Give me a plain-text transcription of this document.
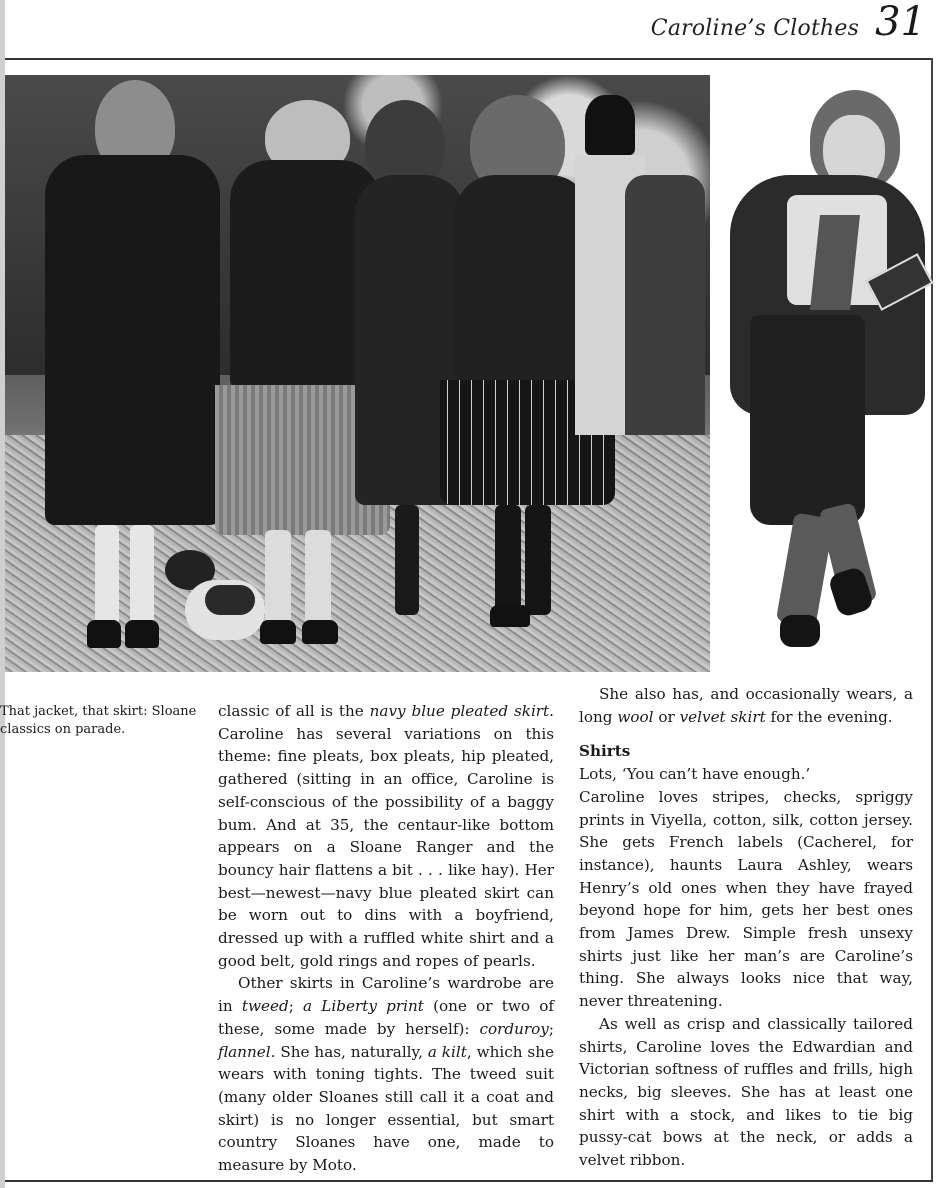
Caroline’s Clothes 31
That jacket, that skirt: Sloane classics on parade.

classic of all is the navy blue pleated skirt. Caroline has several variations on this theme: fine pleats, box pleats, hip pleated, gathered (sitting in an office, Caroline is self-conscious of the possibility of a baggy bum. And at 35, the centaur-like bottom appears on a Sloane Ranger and the bouncy hair flattens a bit . . . like hay). Her best—newest—navy blue pleated skirt can be worn out to dins with a boyfriend, dressed up with a ruffled white shirt and a good belt, gold rings and ropes of pearls.

Other skirts in Caroline’s wardrobe are in tweed; a Liberty print (one or two of these, some made by herself): corduroy; flannel. She has, naturally, a kilt, which she wears with toning tights. The tweed suit (many older Sloanes still call it a coat and skirt) is no longer essential, but smart country Sloanes have one, made to measure by Moto.

She also has, and occasionally wears, a long wool or velvet skirt for the evening.

Shirts

Lots, ‘You can’t have enough.’

Caroline loves stripes, checks, spriggy prints in Viyella, cotton, silk, cotton jersey. She gets French labels (Cacherel, for instance), haunts Laura Ashley, wears Henry’s old ones when they have frayed beyond hope for him, gets her best ones from James Drew. Simple fresh unsexy shirts just like her man’s are Caroline’s thing. She always looks nice that way, never threatening.

As well as crisp and classically tailored shirts, Caroline loves the Edwardian and Victorian softness of ruffles and frills, high necks, big sleeves. She has at least one shirt with a stock, and likes to tie big pussy-cat bows at the neck, or adds a velvet ribbon.
